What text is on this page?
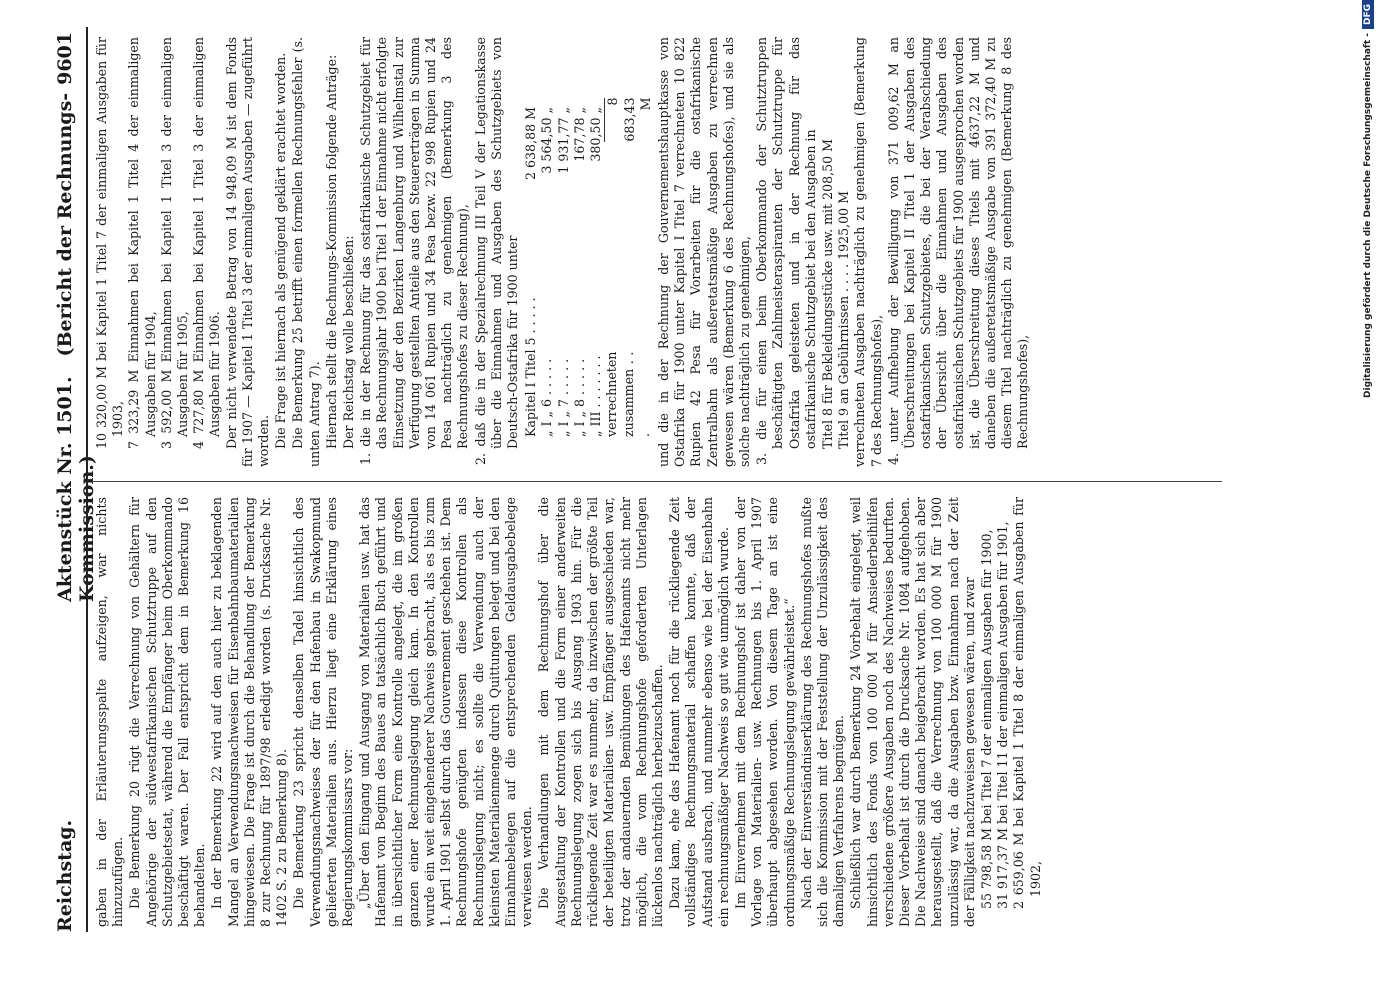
Reichstag.
Aktenstück Nr. 1501.   (Bericht der Rechnungs-Kommission.)
9601

gaben in der Erläuterungsspalte aufzeigen, war nichts hinzuzufügen. Die Bemerkung 20 rügt die Verrechnung von Gehältern für Angehörige der südwestafrikanischen Schutztruppe auf den Schutzgebietsetat, während die Empfänger beim Oberkommando beschäftigt waren. Der Fall entspricht dem in Bemerkung 16 behandelten. In der Bemerkung 22 wird auf den auch hier zu beklagenden Mangel an Verwendungsnachweisen für Eisenbahnbaumaterialien hingewiesen. Die Frage ist durch die Behandlung der Bemerkung 8 zur Rechnung für 1897/98 erledigt worden (s. Drucksache Nr. 1402 S. 2 zu Bemerkung 8). Die Bemerkung 23 spricht denselben Tadel hinsichtlich des Verwendungsnachweises der für den Hafenbau in Swakopmund gelieferten Materialien aus. Hierzu liegt eine Erklärung eines Regierungskommissars vor: „Über den Eingang und Ausgang von Materialien usw. hat das Hafenamt von Beginn des Baues an tatsächlich Buch geführt und in übersichtlicher Form eine Kontrolle angelegt, die im großen ganzen einer Rechnungslegung gleich kam. In den Kontrollen wurde ein weit eingehenderer Nachweis gebracht, als es bis zum 1. April 1901 selbst durch das Gouvernement geschehen ist. Dem Rechnungshofe genügten indessen diese Kontrollen als Rechnungslegung nicht; es sollte die Verwendung auch der kleinsten Materialienmenge durch Quittungen belegt und bei den Einnahmebelegen auf die entsprechenden Geldausgabebelege verwiesen werden. Die Verhandlungen mit dem Rechnungshof über die Ausgestaltung der Kontrollen und die Form einer anderweiten Rechnungslegung zogen sich bis Ausgang 1903 hin. Für die rückliegende Zeit war es nunmehr, da inzwischen der größte Teil der beteiligten Materialien- usw. Empfänger ausgeschieden war, trotz der andauernden Bemühungen des Hafenamts nicht mehr möglich, die vom Rechnungshofe geforderten Unterlagen lückenlos nachträglich herbeizuschaffen. Dazu kam, ehe das Hafenamt noch für die rückliegende Zeit vollständiges Rechnungsmaterial schaffen konnte, daß der Aufstand ausbrach, und nunmehr ebenso wie bei der Eisenbahn ein rechnungsmäßiger Nachweis so gut wie unmöglich wurde. Im Einvernehmen mit dem Rechnungshof ist daher von der Vorlage von Materialien- usw. Rechnungen bis 1. April 1907 überhaupt abgesehen worden. Von diesem Tage an ist eine ordnungsmäßige Rechnungslegung gewährleistet.“ Nach der Einverständniserklärung des Rechnungshofes mußte sich die Kommission mit der Feststellung der Unzulässigkeit des damaligen Verfahrens begnügen. Schließlich war durch Bemerkung 24 Vorbehalt eingelegt, weil hinsichtlich des Fonds von 100 000 M für Ansiedlerbeihilfen verschiedene größere Ausgaben noch des Nachweises bedurften. Dieser Vorbehalt ist durch die Drucksache Nr. 1084 aufgehoben. Die Nachweise sind danach beigebracht worden. Es hat sich aber herausgestellt, daß die Verrechnung von 100 000 M für 1900 unzulässig war, da die Ausgaben bzw. Einnahmen nach der Zeit der Fälligkeit nachzuweisen gewesen wären, und zwar 55 798,58 M bei Titel 7 der einmaligen Ausgaben für 1900, 31 917,37 M bei Titel 11 der einmaligen Ausgaben für 1901, 2 659,06 M bei Kapitel 1 Titel 8 der einmaligen Ausgaben für 1902,
10 320,00 M bei Kapitel 1 Titel 7 der einmaligen Ausgaben für 1903, 7 323,29 M Einnahmen bei Kapitel 1 Titel 4 der einmaligen Ausgaben für 1904, 3 592,00 M Einnahmen bei Kapitel 1 Titel 3 der einmaligen Ausgaben für 1905, 4 727,80 M Einnahmen bei Kapitel 1 Titel 3 der einmaligen Ausgaben für 1906. Der nicht verwendete Betrag von 14 948,09 M ist dem Fonds für 1907 — Kapitel 1 Titel 3 der einmaligen Ausgaben — zugeführt worden. Die Frage ist hiernach als genügend geklärt erachtet worden. Die Bemerkung 25 betrifft einen formellen Rechnungsfehler (s. unten Antrag 7). Hiernach stellt die Rechnungs-Kommission folgende Anträge: Der Reichstag wolle beschließen: 1. die in der Rechnung für das ostafrikanische Schutzgebiet für das Rechnungsjahr 1900 bei Titel 1 der Einnahme nicht erfolgte Einsetzung der den Bezirken Langenburg und Wilhelmstal zur Verfügung gestellten Anteile aus den Steuererträgen in Summa von 14 061 Rupien und 34 Pesa bezw. 22 998 Rupien und 24 Pesa nachträglich zu genehmigen (Bemerkung 3 des Rechnungshofes zu dieser Rechnung), 2. daß die in der Spezialrechnung III Teil V der Legationskasse über die Einnahmen und Ausgaben des Schutzgebiets von Deutsch-Ostafrika für 1900 unter Kapitel I Titel 5 . . . . .
2 638,88 M
„ I „ 6 . . . . .
3 564,50 „
„ I „ 7 . . . . .
1 931,77 „
„ I „ 8 . . . . .
167,78 „
„ III . . . . . . .
380,50 „
verrechneten zusammen . . .
8 683,43 M und die in der Rechnung der Gouvernementshauptkasse von Ostafrika für 1900 unter Kapitel I Titel 7 verrechneten 10 822 Rupien 42 Pesa für Vorarbeiten für die ostafrikanische Zentralbahn als außeretatsmäßige Ausgaben zu verrechnen gewesen wären (Bemerkung 6 des Rechnungshofes), und sie als solche nachträglich zu genehmigen, 3. die für einen beim Oberkommando der Schutztruppen beschäftigten Zahlmeisteraspiranten der Schutztruppe für Ostafrika geleisteten und in der Rechnung für das ostafrikanische Schutzgebiet bei den Ausgaben in Titel 8 für Bekleidungsstücke usw. mit 208,50 M Titel 9 an Gebührnissen . . . . 1925,00 M verrechneten Ausgaben nachträglich zu genehmigen (Bemerkung 7 des Rechnungshofes), 4. unter Aufhebung der Bewilligung von 371 009,62 M an Überschreitungen bei Kapitel II Titel 1 der Ausgaben des ostafrikanischen Schutzgebietes, die bei der Verabschiedung der Übersicht über die Einnahmen und Ausgaben des ostafrikanischen Schutzgebiets für 1900 ausgesprochen worden ist, die Überschreitung dieses Titels mit 4637,22 M und daneben die außeretatsmäßige Ausgabe von 391 372,40 M zu diesem Titel nachträglich zu genehmigen (Bemerkung 8 des Rechnungshofes),	Digitalisierung gefördert durch die Deutsche Forschungsgemeinschaft -DFG
